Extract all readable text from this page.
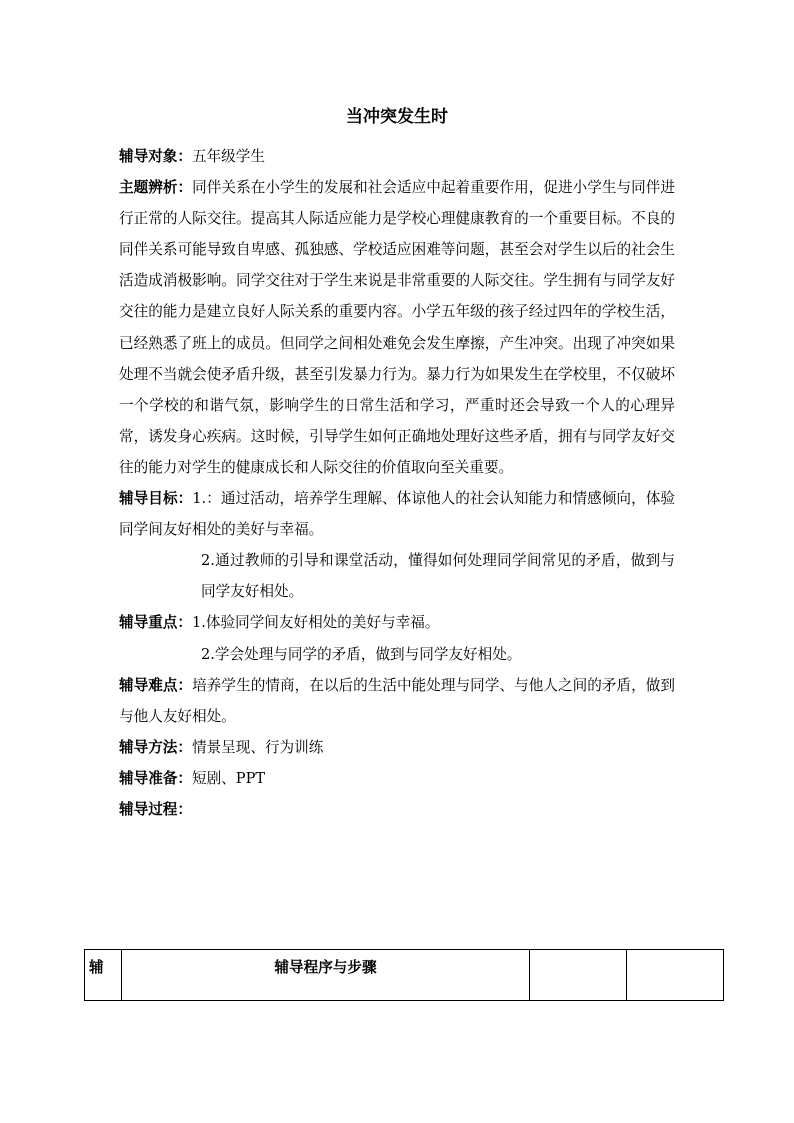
当冲突发生时

辅导对象：五年级学生

主题辨析：同伴关系在小学生的发展和社会适应中起着重要作用，促进小学生与同伴进行正常的人际交往。提高其人际适应能力是学校心理健康教育的一个重要目标。不良的同伴关系可能导致自卑感、孤独感、学校适应困难等问题，甚至会对学生以后的社会生活造成消极影响。同学交往对于学生来说是非常重要的人际交往。学生拥有与同学友好交往的能力是建立良好人际关系的重要内容。小学五年级的孩子经过四年的学校生活，已经熟悉了班上的成员。但同学之间相处难免会发生摩擦，产生冲突。出现了冲突如果处理不当就会使矛盾升级，甚至引发暴力行为。暴力行为如果发生在学校里，不仅破坏一个学校的和谐气氛，影响学生的日常生活和学习，严重时还会导致一个人的心理异常，诱发身心疾病。这时候，引导学生如何正确地处理好这些矛盾，拥有与同学友好交往的能力对学生的健康成长和人际交往的价值取向至关重要。

辅导目标：1.：通过活动，培养学生理解、体谅他人的社会认知能力和情感倾向，体验同学间友好相处的美好与幸福。

2.通过教师的引导和课堂活动，懂得如何处理同学间常见的矛盾，做到与同学友好相处。

辅导重点：1.体验同学间友好相处的美好与幸福。

2.学会处理与同学的矛盾，做到与同学友好相处。

辅导难点：培养学生的情商，在以后的生活中能处理与同学、与他人之间的矛盾，做到与他人友好相处。

辅导方法：情景呈现、行为训练

辅导准备：短剧、PPT

辅导过程：

辅	辅导程序与步骤		
